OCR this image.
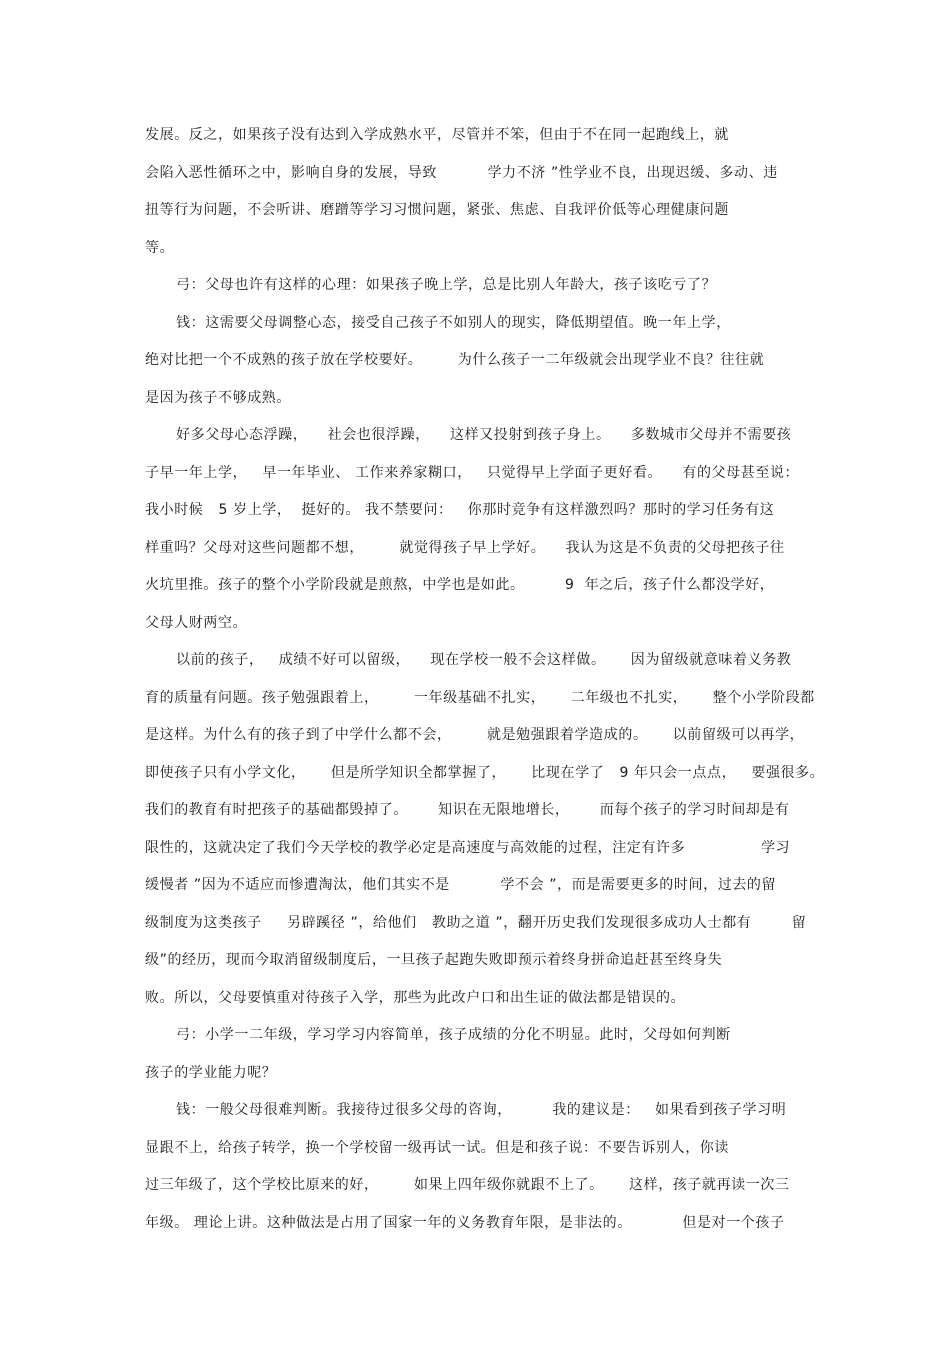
发展。反之，如果孩子没有达到入学成熟水平，尽管并不笨，但由于不在同一起跑线上，就
会陷入恶性循环之中，影响自身的发展，导致          学力不济 ”性学业不良，出现迟缓、多动、违
扭等行为问题，不会听讲、磨蹭等学习习惯问题，紧张、焦虑、自我评价低等心理健康问题
等。
弓：父母也许有这样的心理：如果孩子晚上学，总是比别人年龄大，孩子该吃亏了？
钱：这需要父母调整心态，接受自己孩子不如别人的现实，降低期望值。晚一年上学，
绝对比把一个不成熟的孩子放在学校要好。       为什么孩子一二年级就会出现学业不良？往往就
是因为孩子不够成熟。
好多父母心态浮躁，    社会也很浮躁，    这样又投射到孩子身上。    多数城市父母并不需要孩
子早一年上学，   早一年毕业、 工作来养家糊口，   只觉得早上学面子更好看。    有的父母甚至说：
我小时候   5 岁上学，  挺好的。 我不禁要问：   你那时竞争有这样激烈吗？那时的学习任务有这
样重吗？父母对这些问题都不想，       就觉得孩子早上学好。    我认为这是不负责的父母把孩子往
火坑里推。孩子的整个小学阶段就是煎熬，中学也是如此。        9  年之后，孩子什么都没学好，
父母人财两空。
以前的孩子，   成绩不好可以留级，    现在学校一般不会这样做。     因为留级就意味着义务教
育的质量有问题。孩子勉强跟着上，       一年级基础不扎实，     二年级也不扎实，     整个小学阶段都
是这样。为什么有的孩子到了中学什么都不会，       就是勉强跟着学造成的。     以前留级可以再学，
即使孩子只有小学文化，     但是所学知识全都掌握了，     比现在学了   9 年只会一点点，   要强很多。
我们的教育有时把孩子的基础都毁掉了。      知识在无限地增长，      而每个孩子的学习时间却是有
限性的，这就决定了我们今天学校的教学必定是高速度与高效能的过程，注定有许多               学习
缓慢者 ”因为不适应而惨遭淘汰，他们其实不是          学不会 ”，而是需要更多的时间，过去的留
级制度为这类孩子     另辟蹊径 ”，给他们   教助之道 ”，翻开历史我们发现很多成功人士都有        留
级”的经历，现而今取消留级制度后，一旦孩子起跑失败即预示着终身拼命追赶甚至终身失
败。所以，父母要慎重对待孩子入学，那些为此改户口和出生证的做法都是错误的。
弓：小学一二年级，学习学习内容简单，孩子成绩的分化不明显。此时，父母如何判断
孩子的学业能力呢？
钱：一般父母很难判断。我接待过很多父母的咨询，        我的建议是：   如果看到孩子学习明
显跟不上，给孩子转学，换一个学校留一级再试一试。但是和孩子说：不要告诉别人，你读
过三年级了，这个学校比原来的好，       如果上四年级你就跟不上了。     这样，孩子就再读一次三
年级。 理论上讲。这种做法是占用了国家一年的义务教育年限，是非法的。          但是对一个孩子
